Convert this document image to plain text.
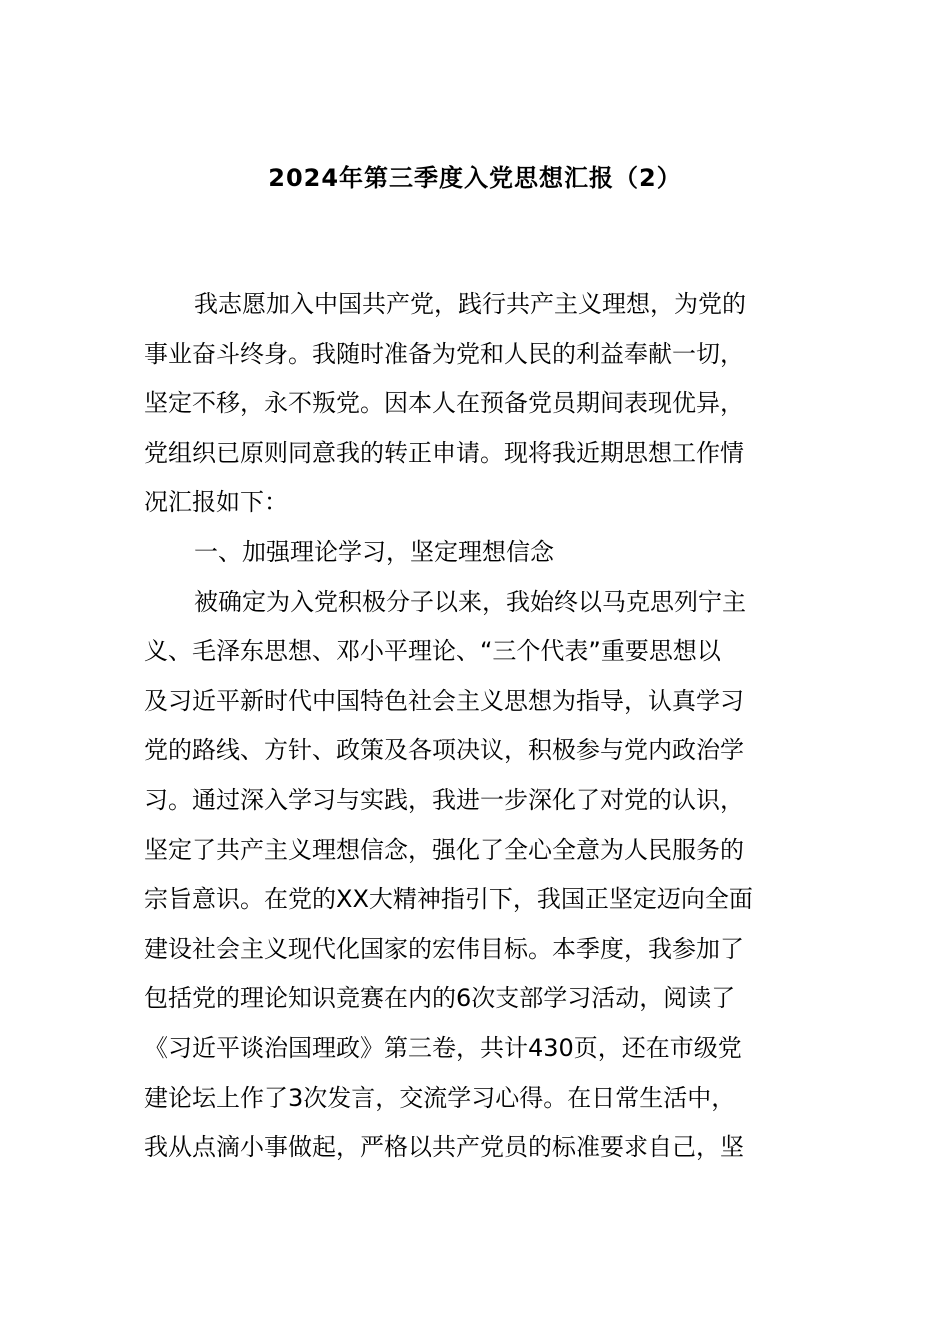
2024年第三季度入党思想汇报（2）
我志愿加入中国共产党，践行共产主义理想，为党的
事业奋斗终身。我随时准备为党和人民的利益奉献一切，
坚定不移，永不叛党。因本人在预备党员期间表现优异，
党组织已原则同意我的转正申请。现将我近期思想工作情
况汇报如下：
一、加强理论学习，坚定理想信念
被确定为入党积极分子以来，我始终以马克思列宁主
义、毛泽东思想、邓小平理论、“三个代表”重要思想以
及习近平新时代中国特色社会主义思想为指导，认真学习
党的路线、方针、政策及各项决议，积极参与党内政治学
习。通过深入学习与实践，我进一步深化了对党的认识，
坚定了共产主义理想信念，强化了全心全意为人民服务的
宗旨意识。在党的XX大精神指引下，我国正坚定迈向全面
建设社会主义现代化国家的宏伟目标。本季度，我参加了
包括党的理论知识竞赛在内的6次支部学习活动，阅读了
《习近平谈治国理政》第三卷，共计430页，还在市级党
建论坛上作了3次发言，交流学习心得。在日常生活中，
我从点滴小事做起，严格以共产党员的标准要求自己，坚
